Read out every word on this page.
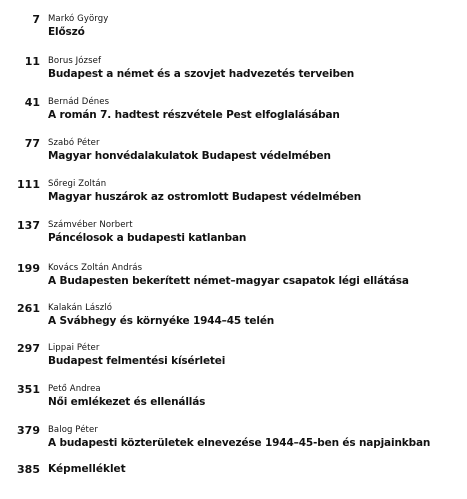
7 Markó György
Előszó
11 Borus József
Budapest a német és a szovjet hadvezetés terveiben
41 Bernád Dénes
A román 7. hadtest részvétele Pest elfoglalásában
77 Szabó Péter
Magyar honvédalakulatok Budapest védelmében
111 Sőregi Zoltán
Magyar huszárok az ostromlott Budapest védelmében
137 Számvéber Norbert
Páncélosok a budapesti katlanban
199 Kovács Zoltán András
A Budapesten bekerített német–magyar csapatok légi ellátása
261 Kalakán László
A Svábhegy és környéke 1944–45 telén
297 Lippai Péter
Budapest felmentési kísérletei
351 Pető Andrea
Női emlékezet és ellenállás
379 Balog Péter
A budapesti közterületek elnevezése 1944–45-ben és napjainkban
385 Képmelléklet
